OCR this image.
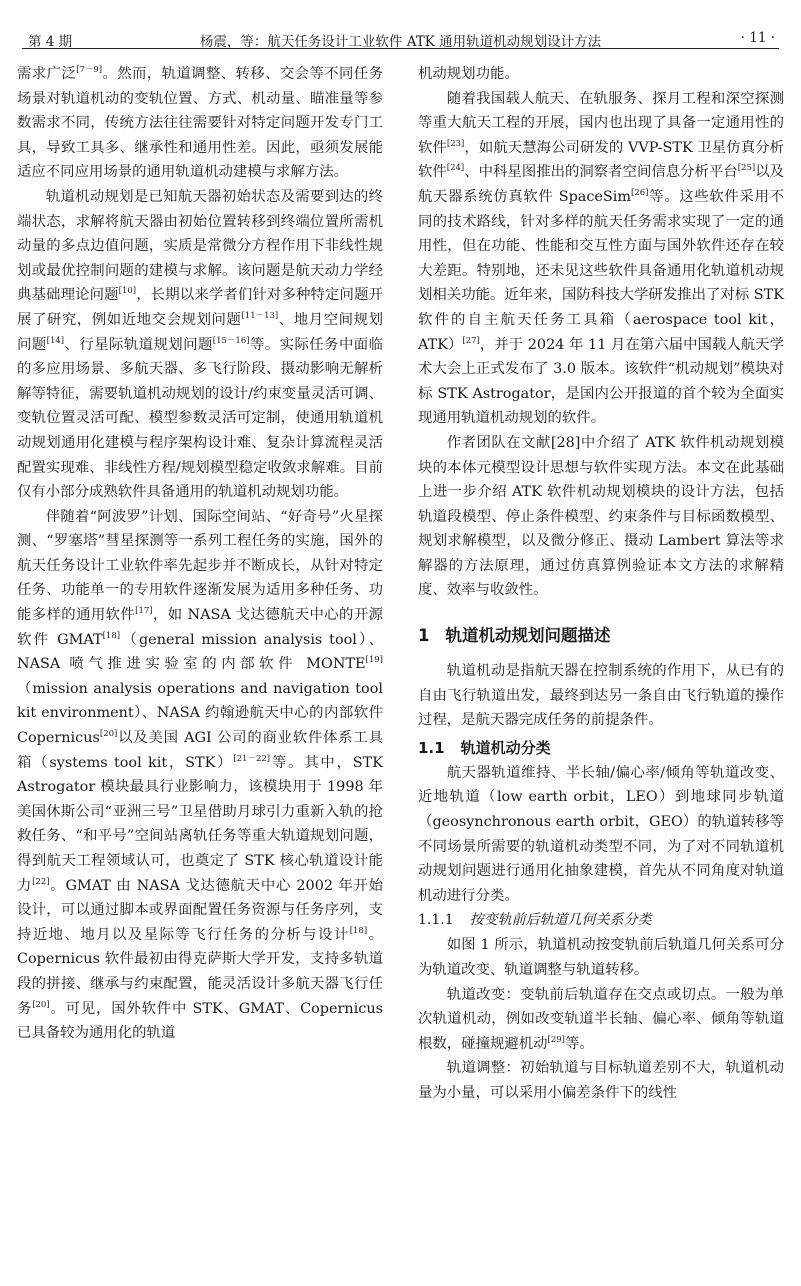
第 4 期	杨震，等：航天任务设计工业软件 ATK 通用轨道机动规划设计方法	· 11 ·

需求广泛[7－9]。然而，轨道调整、转移、交会等不同任务场景对轨道机动的变轨位置、方式、机动量、瞄准量等参数需求不同，传统方法往往需要针对特定问题开发专门工具，导致工具多、继承性和通用性差。因此，亟须发展能适应不同应用场景的通用轨道机动建模与求解方法。

轨道机动规划是已知航天器初始状态及需要到达的终端状态，求解将航天器由初始位置转移到终端位置所需机动量的多点边值问题，实质是常微分方程作用下非线性规划或最优控制问题的建模与求解。该问题是航天动力学经典基础理论问题[10]，长期以来学者们针对多种特定问题开展了研究，例如近地交会规划问题[11－13]、地月空间规划问题[14]、行星际轨道规划问题[15－16]等。实际任务中面临的多应用场景、多航天器、多飞行阶段、摄动影响无解析解等特征，需要轨道机动规划的设计/约束变量灵活可调、变轨位置灵活可配、模型参数灵活可定制，使通用轨道机动规划通用化建模与程序架构设计难、复杂计算流程灵活配置实现难、非线性方程/规划模型稳定收敛求解难。目前仅有小部分成熟软件具备通用的轨道机动规划功能。

伴随着“阿波罗”计划、国际空间站、“好奇号”火星探测、“罗塞塔”彗星探测等一系列工程任务的实施，国外的航天任务设计工业软件率先起步并不断成长，从针对特定任务、功能单一的专用软件逐渐发展为适用多种任务、功能多样的通用软件[17]，如 NASA 戈达德航天中心的开源软件 GMAT[18]（general mission analysis tool）、NASA 喷气推进实验室的内部软件 MONTE[19]（mission analysis operations and navigation tool kit environment）、NASA 约翰逊航天中心的内部软件 Copernicus[20]以及美国 AGI 公司的商业软件体系工具箱（systems tool kit，STK）[21－22]等。其中，STK Astrogator 模块最具行业影响力，该模块用于 1998 年美国休斯公司“亚洲三号”卫星借助月球引力重新入轨的抢救任务、“和平号”空间站离轨任务等重大轨道规划问题，得到航天工程领域认可，也奠定了 STK 核心轨道设计能力[22]。GMAT 由 NASA 戈达德航天中心 2002 年开始设计，可以通过脚本或界面配置任务资源与任务序列，支持近地、地月以及星际等飞行任务的分析与设计[18]。Copernicus 软件最初由得克萨斯大学开发，支持多轨道段的拼接、继承与约束配置，能灵活设计多航天器飞行任务[20]。可见，国外软件中 STK、GMAT、Copernicus 已具备较为通用化的轨道

机动规划功能。

随着我国载人航天、在轨服务、探月工程和深空探测等重大航天工程的开展，国内也出现了具备一定通用性的软件[23]，如航天慧海公司研发的 VVP-STK 卫星仿真分析软件[24]、中科星图推出的洞察者空间信息分析平台[25]以及航天器系统仿真软件 SpaceSim[26]等。这些软件采用不同的技术路线，针对多样的航天任务需求实现了一定的通用性，但在功能、性能和交互性方面与国外软件还存在较大差距。特别地，还未见这些软件具备通用化轨道机动规划相关功能。近年来，国防科技大学研发推出了对标 STK 软件的自主航天任务工具箱（aerospace tool kit，ATK）[27]，并于 2024 年 11 月在第六届中国载人航天学术大会上正式发布了 3.0 版本。该软件“机动规划”模块对标 STK Astrogator，是国内公开报道的首个较为全面实现通用轨道机动规划的软件。

作者团队在文献[28]中介绍了 ATK 软件机动规划模块的本体元模型设计思想与软件实现方法。本文在此基础上进一步介绍 ATK 软件机动规划模块的设计方法，包括轨道段模型、停止条件模型、约束条件与目标函数模型、规划求解模型，以及微分修正、摄动 Lambert 算法等求解器的方法原理，通过仿真算例验证本文方法的求解精度、效率与收敛性。

1 轨道机动规划问题描述

轨道机动是指航天器在控制系统的作用下，从已有的自由飞行轨道出发，最终到达另一条自由飞行轨道的操作过程，是航天器完成任务的前提条件。

1.1 轨道机动分类

航天器轨道维持、半长轴/偏心率/倾角等轨道改变、近地轨道（low earth orbit，LEO）到地球同步轨道（geosynchronous earth orbit，GEO）的轨道转移等不同场景所需要的轨道机动类型不同，为了对不同轨道机动规划问题进行通用化抽象建模，首先从不同角度对轨道机动进行分类。

1.1.1 按变轨前后轨道几何关系分类

如图 1 所示，轨道机动按变轨前后轨道几何关系可分为轨道改变、轨道调整与轨道转移。

轨道改变：变轨前后轨道存在交点或切点。一般为单次轨道机动，例如改变轨道半长轴、偏心率、倾角等轨道根数，碰撞规避机动[29]等。

轨道调整：初始轨道与目标轨道差别不大，轨道机动量为小量，可以采用小偏差条件下的线性
